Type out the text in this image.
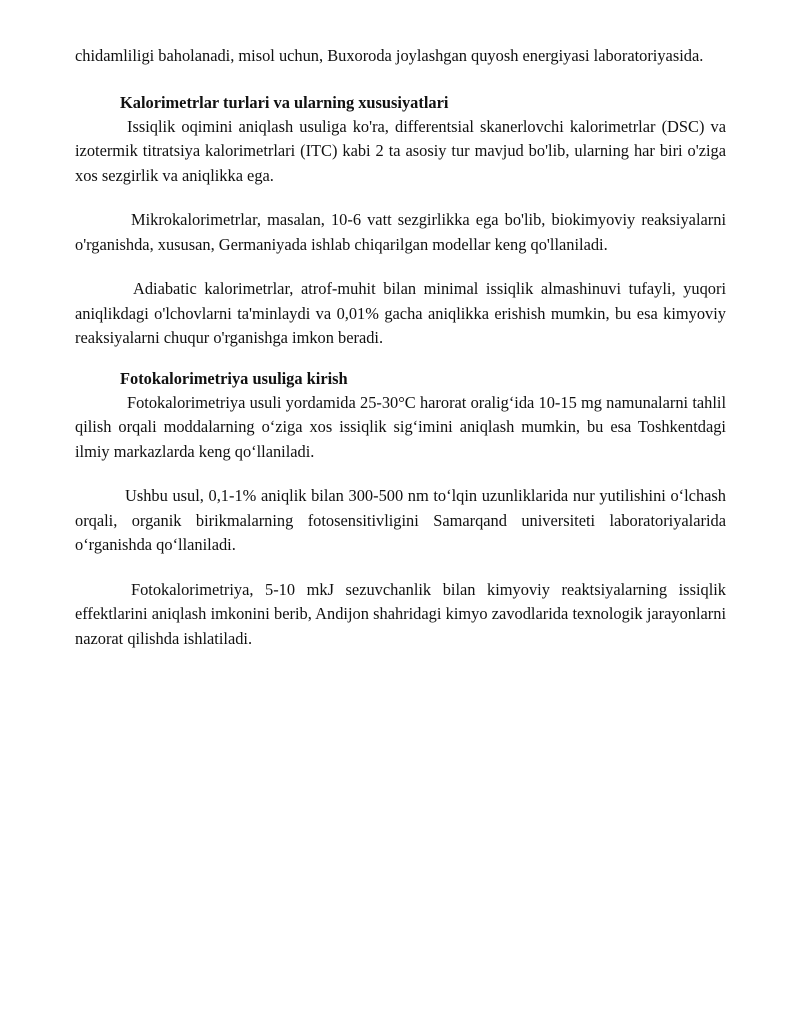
chidamliligi baholanadi, misol uchun, Buxoroda joylashgan quyosh energiyasi laboratoriyasida.

Kalorimetrlar turlari va ularning xususiyatlari

Issiqlik oqimini aniqlash usuliga ko'ra, differentsial skanerlovchi kalorimetrlar (DSC) va izotermik titratsiya kalorimetrlari (ITC) kabi 2 ta asosiy tur mavjud bo'lib, ularning har biri o'ziga xos sezgirlik va aniqlikka ega.

Mikrokalorimetrlar, masalan, 10-6 vatt sezgirlikka ega bo'lib, biokimyoviy reaksiyalarni o'rganishda, xususan, Germaniyada ishlab chiqarilgan modellar keng qo'llaniladi.

Adiabatic kalorimetrlar, atrof-muhit bilan minimal issiqlik almashinuvi tufayli, yuqori aniqlikdagi o'lchovlarni ta'minlaydi va 0,01% gacha aniqlikka erishish mumkin, bu esa kimyoviy reaksiyalarni chuqur o'rganishga imkon beradi.

Fotokalorimetriya usuliga kirish

Fotokalorimetriya usuli yordamida 25-30°C harorat oralig‘ida 10-15 mg namunalarni tahlil qilish orqali moddalarning o‘ziga xos issiqlik sig‘imini aniqlash mumkin, bu esa Toshkentdagi ilmiy markazlarda keng qo‘llaniladi.

Ushbu usul, 0,1-1% aniqlik bilan 300-500 nm to‘lqin uzunliklarida nur yutilishini o‘lchash orqali, organik birikmalarning fotosensitivligini Samarqand universiteti laboratoriyalarida o‘rganishda qo‘llaniladi.

Fotokalorimetriya, 5-10 mkJ sezuvchanlik bilan kimyoviy reaktsiyalarning issiqlik effektlarini aniqlash imkonini berib, Andijon shahridagi kimyo zavodlarida texnologik jarayonlarni nazorat qilishda ishlatiladi.
